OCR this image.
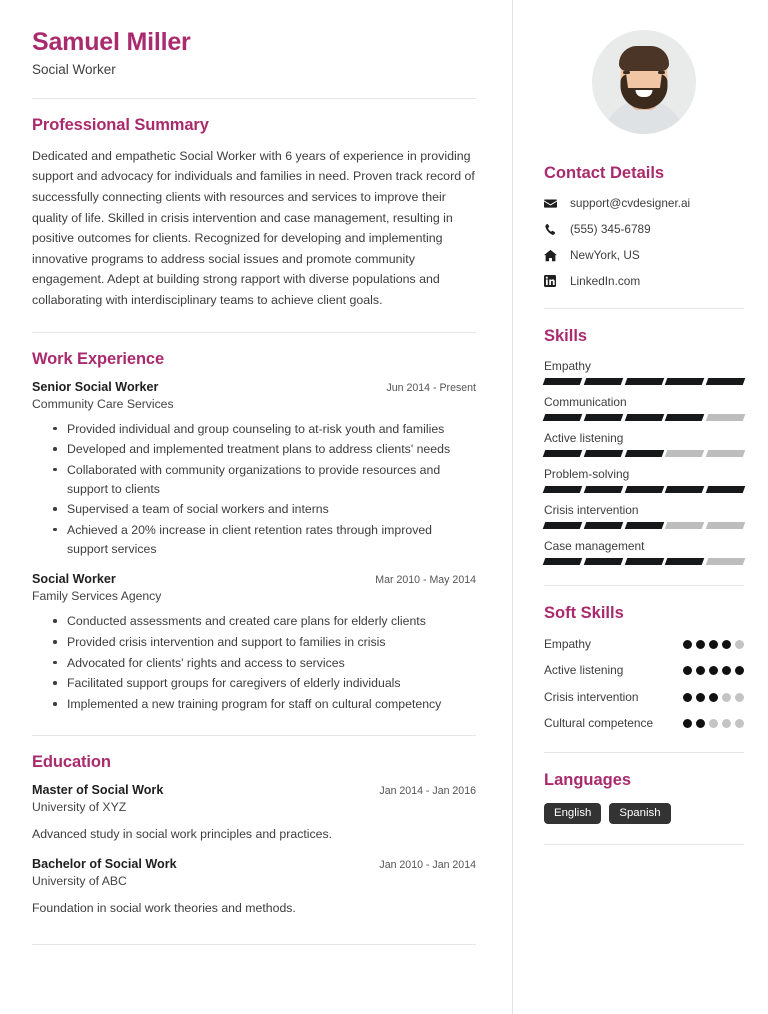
Samuel Miller
Social Worker
Professional Summary
Dedicated and empathetic Social Worker with 6 years of experience in providing support and advocacy for individuals and families in need. Proven track record of successfully connecting clients with resources and services to improve their quality of life. Skilled in crisis intervention and case management, resulting in positive outcomes for clients. Recognized for developing and implementing innovative programs to address social issues and promote community engagement. Adept at building strong rapport with diverse populations and collaborating with interdisciplinary teams to achieve client goals.
Work Experience
Senior Social Worker	Jun 2014 - Present
Community Care Services
Provided individual and group counseling to at-risk youth and families
Developed and implemented treatment plans to address clients' needs
Collaborated with community organizations to provide resources and support to clients
Supervised a team of social workers and interns
Achieved a 20% increase in client retention rates through improved support services
Social Worker	Mar 2010 - May 2014
Family Services Agency
Conducted assessments and created care plans for elderly clients
Provided crisis intervention and support to families in crisis
Advocated for clients' rights and access to services
Facilitated support groups for caregivers of elderly individuals
Implemented a new training program for staff on cultural competency
Education
Master of Social Work	Jan 2014 - Jan 2016
University of XYZ
Advanced study in social work principles and practices.
Bachelor of Social Work	Jan 2010 - Jan 2014
University of ABC
Foundation in social work theories and methods.
Contact Details
support@cvdesigner.ai
(555) 345-6789
NewYork, US
LinkedIn.com
Skills
Empathy
Communication
Active listening
Problem-solving
Crisis intervention
Case management
Soft Skills
Empathy
Active listening
Crisis intervention
Cultural competence
Languages
English	Spanish
